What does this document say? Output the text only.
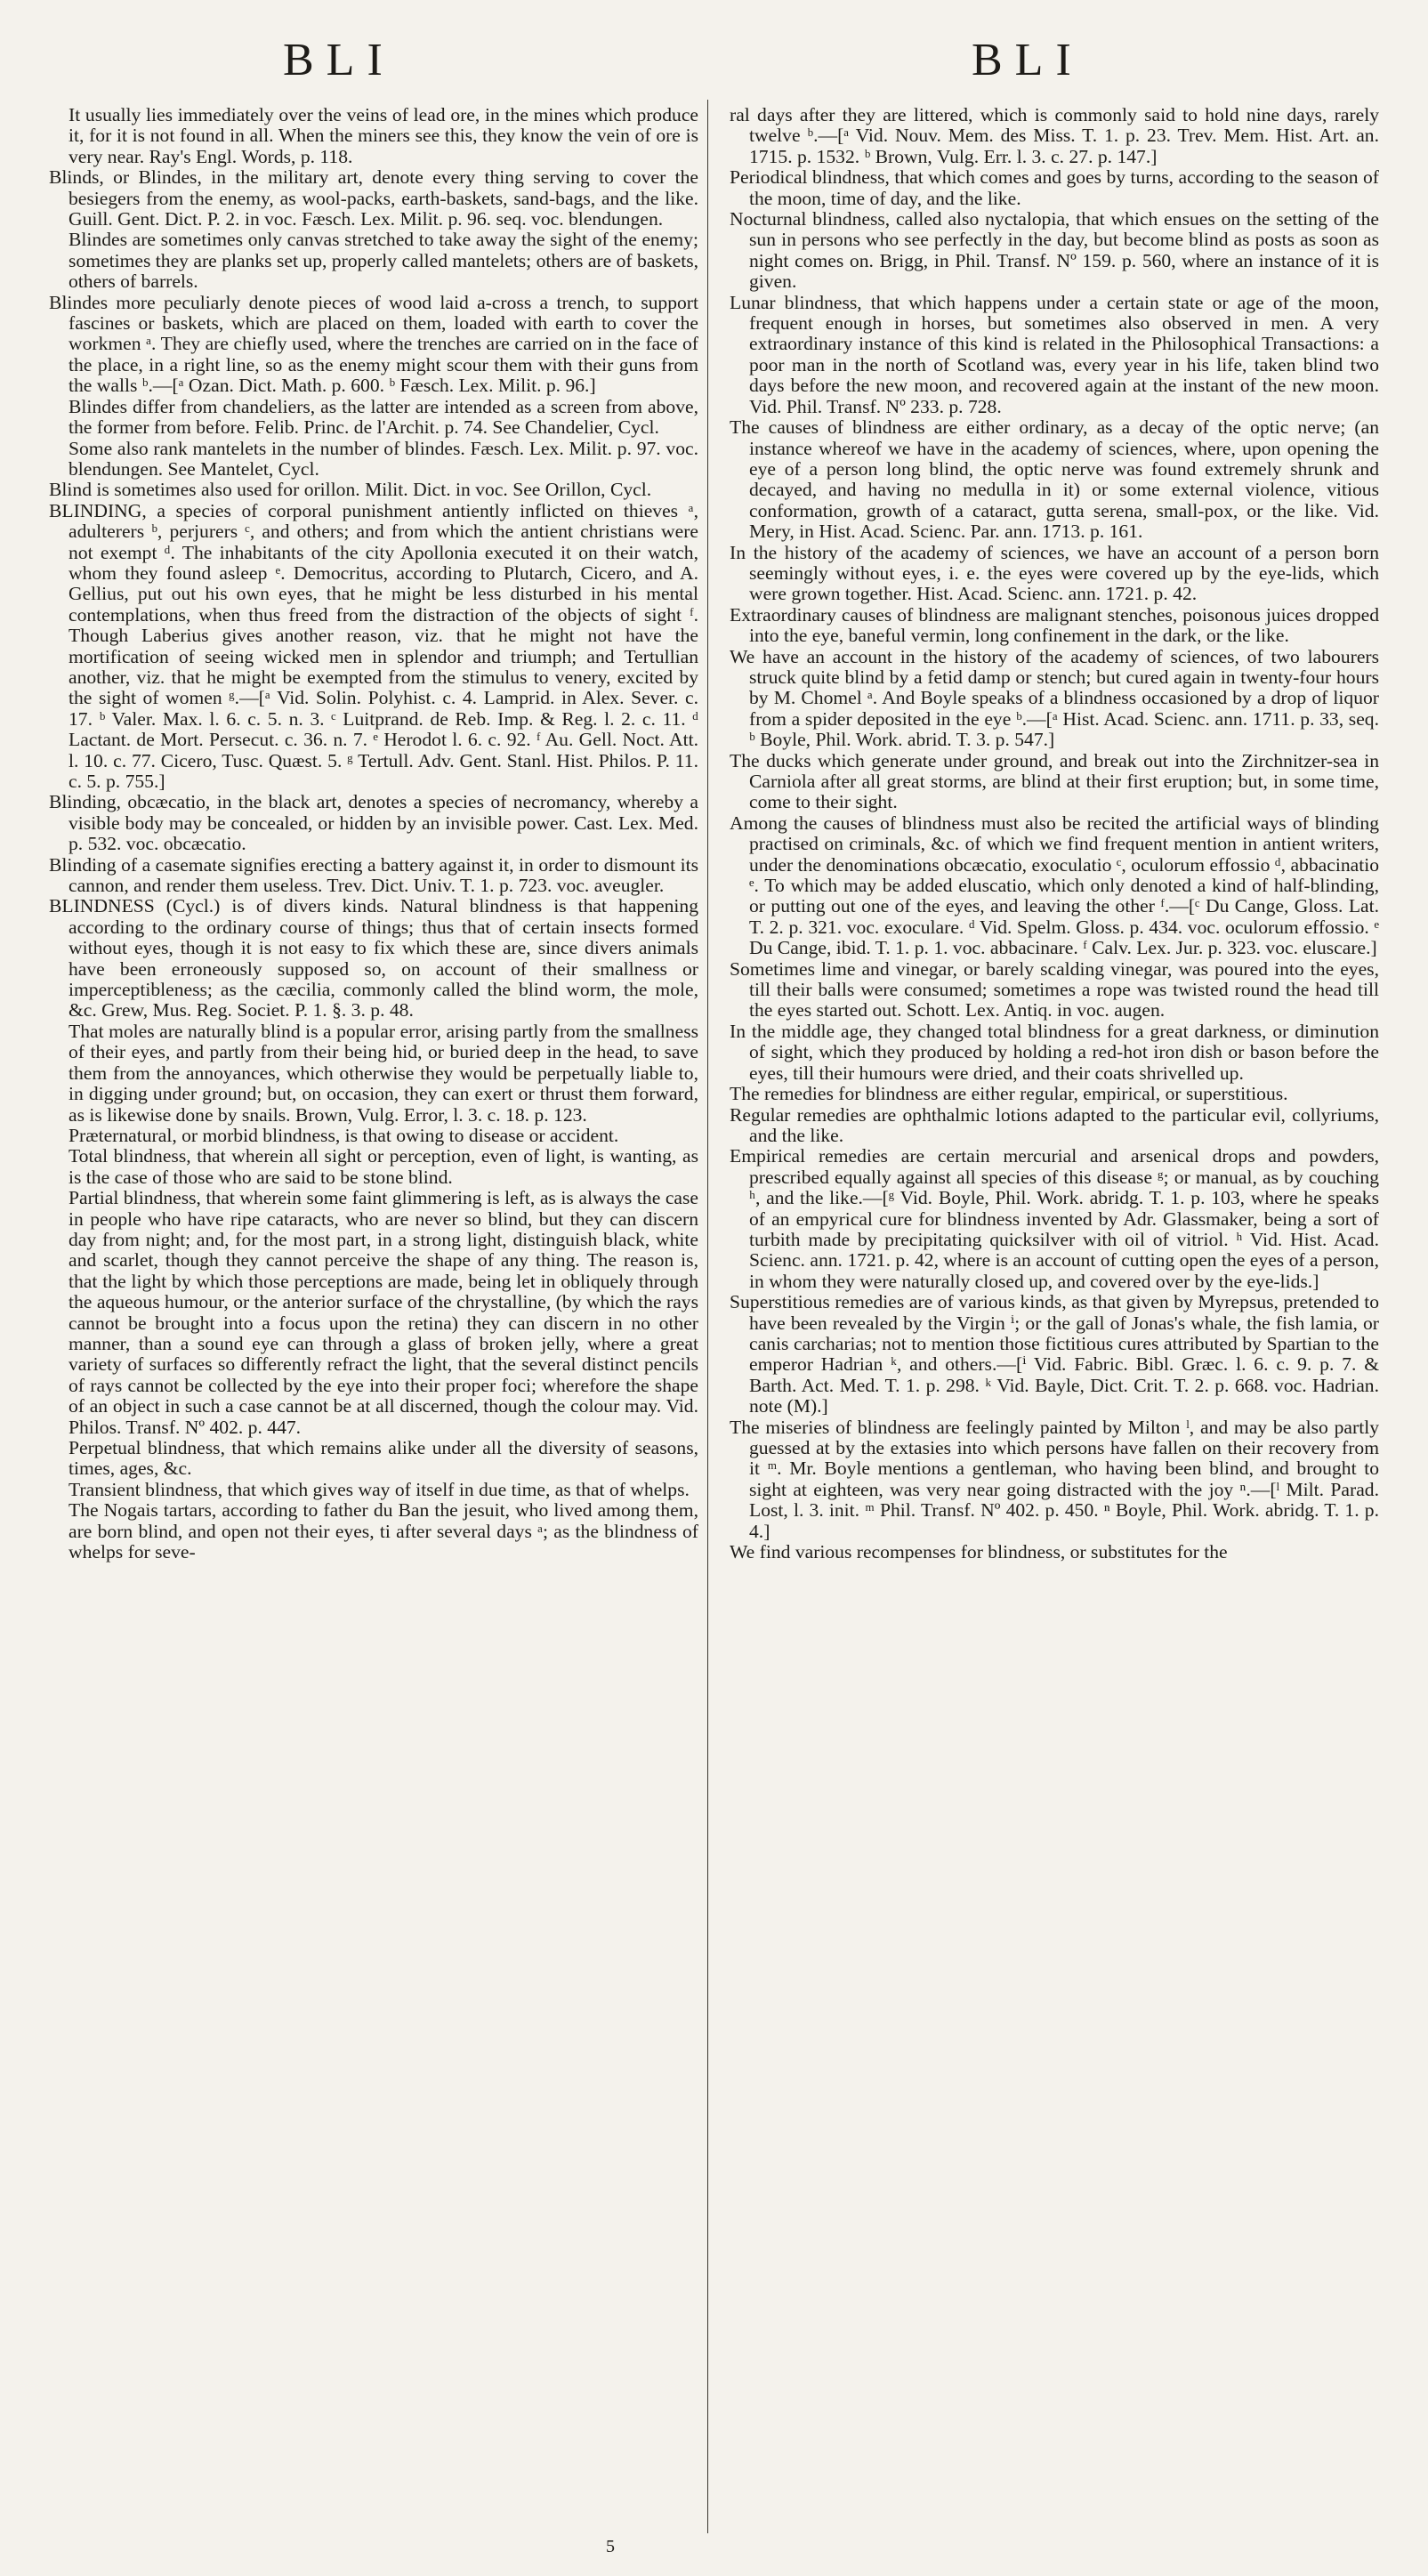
BLI	BLI

It usually lies immediately over the veins of lead ore, in the mines which produce it, for it is not found in all. When the miners see this, they know the vein of ore is very near. Ray's Engl. Words, p. 118.

Blinds, or Blindes, in the military art, denote every thing serving to cover the besiegers from the enemy, as wool-packs, earth-baskets, sand-bags, and the like. Guill. Gent. Dict. P. 2. in voc. Fæsch. Lex. Milit. p. 96. seq. voc. blendungen.

Blindes are sometimes only canvas stretched to take away the sight of the enemy; sometimes they are planks set up, properly called mantelets; others are of baskets, others of barrels.

Blindes more peculiarly denote pieces of wood laid a-cross a trench, to support fascines or baskets, which are placed on them, loaded with earth to cover the workmen ᵃ. They are chiefly used, where the trenches are carried on in the face of the place, in a right line, so as the enemy might scour them with their guns from the walls ᵇ.—[ᵃ Ozan. Dict. Math. p. 600. ᵇ Fæsch. Lex. Milit. p. 96.]

Blindes differ from chandeliers, as the latter are intended as a screen from above, the former from before. Felib. Princ. de l'Archit. p. 74. See Chandelier, Cycl.

Some also rank mantelets in the number of blindes. Fæsch. Lex. Milit. p. 97. voc. blendungen. See Mantelet, Cycl.

Blind is sometimes also used for orillon. Milit. Dict. in voc. See Orillon, Cycl.

BLINDING, a species of corporal punishment antiently inflicted on thieves ᵃ, adulterers ᵇ, perjurers ᶜ, and others; and from which the antient christians were not exempt ᵈ. The inhabitants of the city Apollonia executed it on their watch, whom they found asleep ᵉ. Democritus, according to Plutarch, Cicero, and A. Gellius, put out his own eyes, that he might be less disturbed in his mental contemplations, when thus freed from the distraction of the objects of sight ᶠ. Though Laberius gives another reason, viz. that he might not have the mortification of seeing wicked men in splendor and triumph; and Tertullian another, viz. that he might be exempted from the stimulus to venery, excited by the sight of women ᵍ.—[ᵃ Vid. Solin. Polyhist. c. 4. Lamprid. in Alex. Sever. c. 17. ᵇ Valer. Max. l. 6. c. 5. n. 3. ᶜ Luitprand. de Reb. Imp. & Reg. l. 2. c. 11. ᵈ Lactant. de Mort. Persecut. c. 36. n. 7. ᵉ Herodot l. 6. c. 92. ᶠ Au. Gell. Noct. Att. l. 10. c. 77. Cicero, Tusc. Quæst. 5. ᵍ Tertull. Adv. Gent. Stanl. Hist. Philos. P. 11. c. 5. p. 755.]

Blinding, obcæcatio, in the black art, denotes a species of necromancy, whereby a visible body may be concealed, or hidden by an invisible power. Cast. Lex. Med. p. 532. voc. obcæcatio.

Blinding of a casemate signifies erecting a battery against it, in order to dismount its cannon, and render them useless. Trev. Dict. Univ. T. 1. p. 723. voc. aveugler.

BLINDNESS (Cycl.) is of divers kinds. Natural blindness is that happening according to the ordinary course of things; thus that of certain insects formed without eyes, though it is not easy to fix which these are, since divers animals have been erroneously supposed so, on account of their smallness or imperceptibleness; as the cæcilia, commonly called the blind worm, the mole, &c. Grew, Mus. Reg. Societ. P. 1. §. 3. p. 48.

That moles are naturally blind is a popular error, arising partly from the smallness of their eyes, and partly from their being hid, or buried deep in the head, to save them from the annoyances, which otherwise they would be perpetually liable to, in digging under ground; but, on occasion, they can exert or thrust them forward, as is likewise done by snails. Brown, Vulg. Error, l. 3. c. 18. p. 123.

Præternatural, or morbid blindness, is that owing to disease or accident.

Total blindness, that wherein all sight or perception, even of light, is wanting, as is the case of those who are said to be stone blind.

Partial blindness, that wherein some faint glimmering is left, as is always the case in people who have ripe cataracts, who are never so blind, but they can discern day from night; and, for the most part, in a strong light, distinguish black, white and scarlet, though they cannot perceive the shape of any thing. The reason is, that the light by which those perceptions are made, being let in obliquely through the aqueous humour, or the anterior surface of the chrystalline, (by which the rays cannot be brought into a focus upon the retina) they can discern in no other manner, than a sound eye can through a glass of broken jelly, where a great variety of surfaces so differently refract the light, that the several distinct pencils of rays cannot be collected by the eye into their proper foci; wherefore the shape of an object in such a case cannot be at all discerned, though the colour may. Vid. Philos. Transf. Nº 402. p. 447.

Perpetual blindness, that which remains alike under all the diversity of seasons, times, ages, &c.

Transient blindness, that which gives way of itself in due time, as that of whelps.

The Nogais tartars, according to father du Ban the jesuit, who lived among them, are born blind, and open not their eyes, ti after several days ᵃ; as the blindness of whelps for seve-

ral days after they are littered, which is commonly said to hold nine days, rarely twelve ᵇ.—[ᵃ Vid. Nouv. Mem. des Miss. T. 1. p. 23. Trev. Mem. Hist. Art. an. 1715. p. 1532. ᵇ Brown, Vulg. Err. l. 3. c. 27. p. 147.]

Periodical blindness, that which comes and goes by turns, according to the season of the moon, time of day, and the like.

Nocturnal blindness, called also nyctalopia, that which ensues on the setting of the sun in persons who see perfectly in the day, but become blind as posts as soon as night comes on. Brigg, in Phil. Transf. Nº 159. p. 560, where an instance of it is given.

Lunar blindness, that which happens under a certain state or age of the moon, frequent enough in horses, but sometimes also observed in men. A very extraordinary instance of this kind is related in the Philosophical Transactions: a poor man in the north of Scotland was, every year in his life, taken blind two days before the new moon, and recovered again at the instant of the new moon. Vid. Phil. Transf. Nº 233. p. 728.

The causes of blindness are either ordinary, as a decay of the optic nerve; (an instance whereof we have in the academy of sciences, where, upon opening the eye of a person long blind, the optic nerve was found extremely shrunk and decayed, and having no medulla in it) or some external violence, vitious conformation, growth of a cataract, gutta serena, small-pox, or the like. Vid. Mery, in Hist. Acad. Scienc. Par. ann. 1713. p. 161.

In the history of the academy of sciences, we have an account of a person born seemingly without eyes, i. e. the eyes were covered up by the eye-lids, which were grown together. Hist. Acad. Scienc. ann. 1721. p. 42.

Extraordinary causes of blindness are malignant stenches, poisonous juices dropped into the eye, baneful vermin, long confinement in the dark, or the like.

We have an account in the history of the academy of sciences, of two labourers struck quite blind by a fetid damp or stench; but cured again in twenty-four hours by M. Chomel ᵃ. And Boyle speaks of a blindness occasioned by a drop of liquor from a spider deposited in the eye ᵇ.—[ᵃ Hist. Acad. Scienc. ann. 1711. p. 33, seq. ᵇ Boyle, Phil. Work. abrid. T. 3. p. 547.]

The ducks which generate under ground, and break out into the Zirchnitzer-sea in Carniola after all great storms, are blind at their first eruption; but, in some time, come to their sight.

Among the causes of blindness must also be recited the artificial ways of blinding practised on criminals, &c. of which we find frequent mention in antient writers, under the denominations obcæcatio, exoculatio ᶜ, oculorum effossio ᵈ, abbacinatio ᵉ. To which may be added eluscatio, which only denoted a kind of half-blinding, or putting out one of the eyes, and leaving the other ᶠ.—[ᶜ Du Cange, Gloss. Lat. T. 2. p. 321. voc. exoculare. ᵈ Vid. Spelm. Gloss. p. 434. voc. oculorum effossio. ᵉ Du Cange, ibid. T. 1. p. 1. voc. abbacinare. ᶠ Calv. Lex. Jur. p. 323. voc. eluscare.]

Sometimes lime and vinegar, or barely scalding vinegar, was poured into the eyes, till their balls were consumed; sometimes a rope was twisted round the head till the eyes started out. Schott. Lex. Antiq. in voc. augen.

In the middle age, they changed total blindness for a great darkness, or diminution of sight, which they produced by holding a red-hot iron dish or bason before the eyes, till their humours were dried, and their coats shrivelled up.

The remedies for blindness are either regular, empirical, or superstitious.

Regular remedies are ophthalmic lotions adapted to the particular evil, collyriums, and the like.

Empirical remedies are certain mercurial and arsenical drops and powders, prescribed equally against all species of this disease ᵍ; or manual, as by couching ʰ, and the like.—[ᵍ Vid. Boyle, Phil. Work. abridg. T. 1. p. 103, where he speaks of an empyrical cure for blindness invented by Adr. Glassmaker, being a sort of turbith made by precipitating quicksilver with oil of vitriol. ʰ Vid. Hist. Acad. Scienc. ann. 1721. p. 42, where is an account of cutting open the eyes of a person, in whom they were naturally closed up, and covered over by the eye-lids.]

Superstitious remedies are of various kinds, as that given by Myrepsus, pretended to have been revealed by the Virgin ⁱ; or the gall of Jonas's whale, the fish lamia, or canis carcharias; not to mention those fictitious cures attributed by Spartian to the emperor Hadrian ᵏ, and others.—[ⁱ Vid. Fabric. Bibl. Græc. l. 6. c. 9. p. 7. & Barth. Act. Med. T. 1. p. 298. ᵏ Vid. Bayle, Dict. Crit. T. 2. p. 668. voc. Hadrian. note (M).]

The miseries of blindness are feelingly painted by Milton ˡ, and may be also partly guessed at by the extasies into which persons have fallen on their recovery from it ᵐ. Mr. Boyle mentions a gentleman, who having been blind, and brought to sight at eighteen, was very near going distracted with the joy ⁿ.—[ˡ Milt. Parad. Lost, l. 3. init. ᵐ Phil. Transf. Nº 402. p. 450. ⁿ Boyle, Phil. Work. abridg. T. 1. p. 4.]

We find various recompenses for blindness, or substitutes for the

5
